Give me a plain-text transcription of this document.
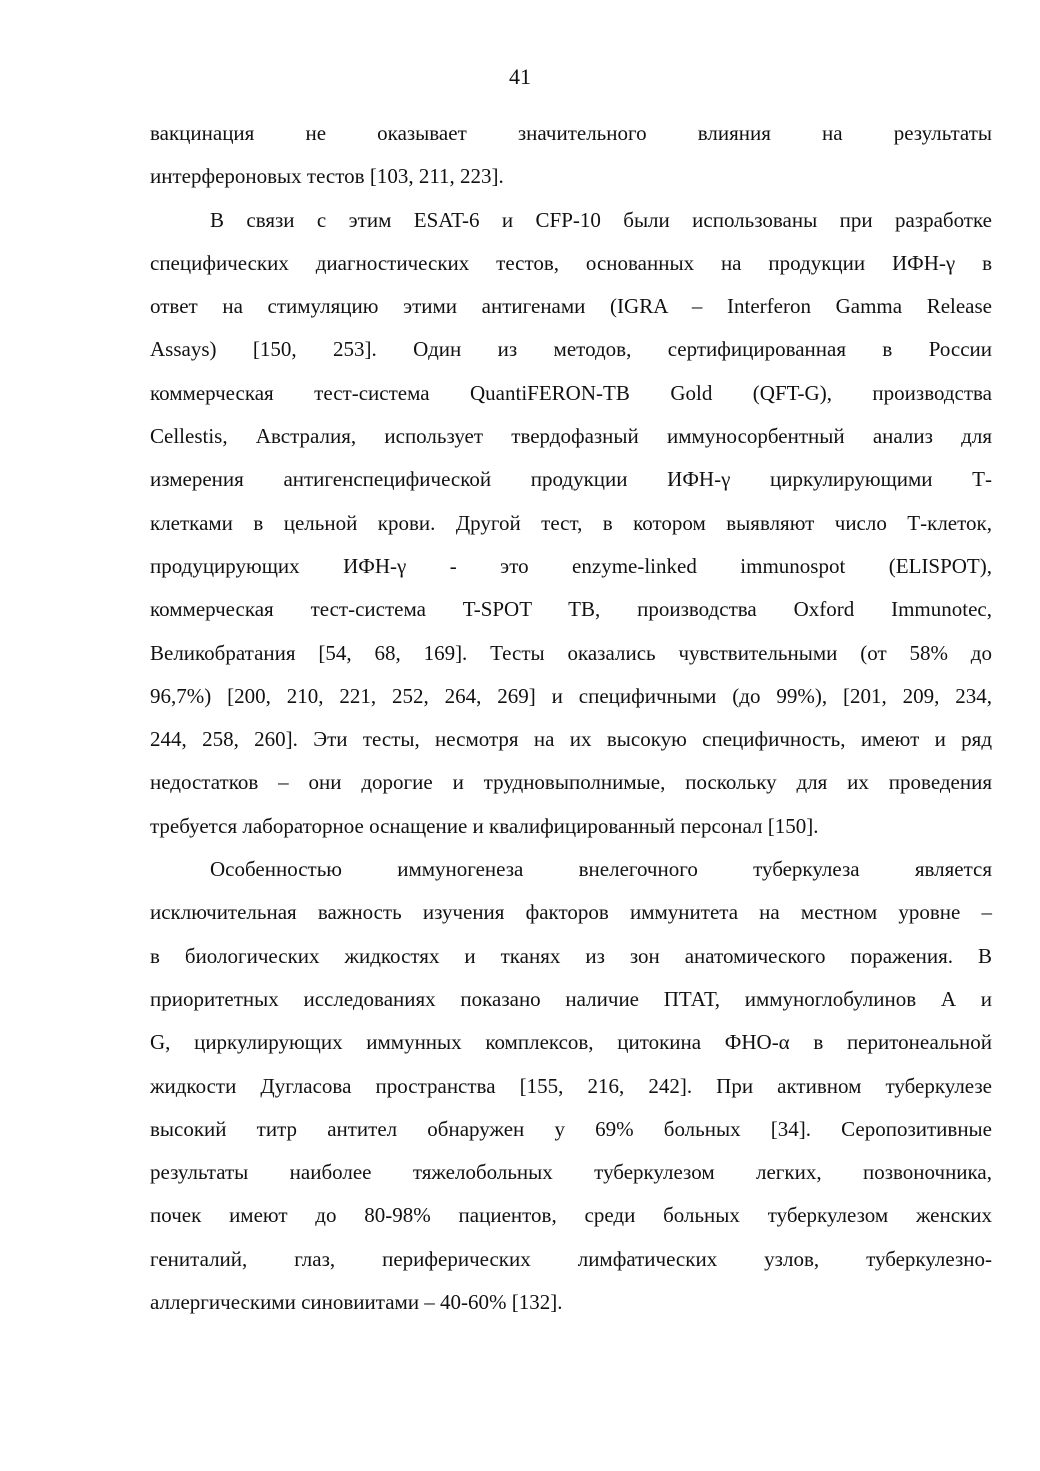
41

вакцинация не оказывает значительного влияния на результаты
интерфероновых тестов [103, 211, 223].

В связи с этим ESAT-6 и CFP-10 были использованы при разработке
специфических диагностических тестов, основанных на продукции ИФН-γ в
ответ на стимуляцию этими антигенами (IGRA – Interferon Gamma Release
Assays) [150, 253]. Один из методов, сертифицированная в России
коммерческая тест-система QuantiFERON-TB Gold (QFT-G), производства
Cellestis, Австралия, использует твердофазный иммуносорбентный анализ для
измерения антигенспецифической продукции ИФН-γ циркулирующими Т-
клетками в цельной крови. Другой тест, в котором выявляют число Т-клеток,
продуцирующих ИФН-γ - это enzyme-linked immunospot (ELISPOT),
коммерческая тест-система T-SPOT TB, производства Oxford Immunotec,
Великобратания [54, 68, 169]. Тесты оказались чувствительными (от 58% до
96,7%) [200, 210, 221, 252, 264, 269] и специфичными (до 99%), [201, 209, 234,
244, 258, 260]. Эти тесты, несмотря на их высокую специфичность, имеют и ряд
недостатков – они дорогие и трудновыполнимые, поскольку для их проведения
требуется лабораторное оснащение и квалифицированный персонал [150].

Особенностью иммуногенеза внелегочного туберкулеза является
исключительная важность изучения факторов иммунитета на местном уровне –
в биологических жидкостях и тканях из зон анатомического поражения. В
приоритетных исследованиях показано наличие ПТАТ, иммуноглобулинов А и
G, циркулирующих иммунных комплексов, цитокина ФНО-α в перитонеальной
жидкости Дугласова пространства [155, 216, 242]. При активном туберкулезе
высокий титр антител обнаружен у 69% больных [34]. Серопозитивные
результаты наиболее тяжелобольных туберкулезом легких, позвоночника,
почек имеют до 80-98% пациентов, среди больных туберкулезом женских
гениталий, глаз, периферических лимфатических узлов, туберкулезно-
аллергическими синовиитами – 40-60% [132].
